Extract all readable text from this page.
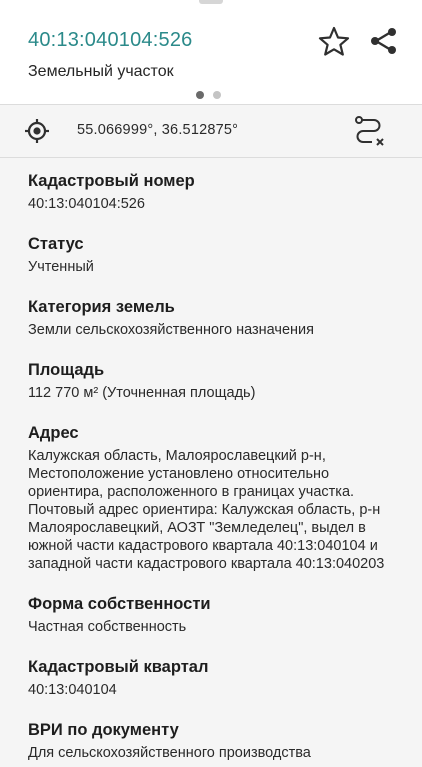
40:13:040104:526
Земельный участок
55.066999°, 36.512875°
Кадастровый номер
40:13:040104:526
Статус
Учтенный
Категория земель
Земли сельскохозяйственного назначения
Площадь
112 770 м² (Уточненная площадь)
Адрес
Калужская область, Малоярославецкий р-н, Местоположение установлено относительно ориентира, расположенного в границах участка. Почтовый адрес ориентира: Калужская область, р-н Малоярославецкий, АОЗТ "Земледелец", выдел в южной части кадастрового квартала 40:13:040104 и западной части кадастрового квартала 40:13:040203
Форма собственности
Частная собственность
Кадастровый квартал
40:13:040104
ВРИ по документу
Для сельскохозяйственного производства
